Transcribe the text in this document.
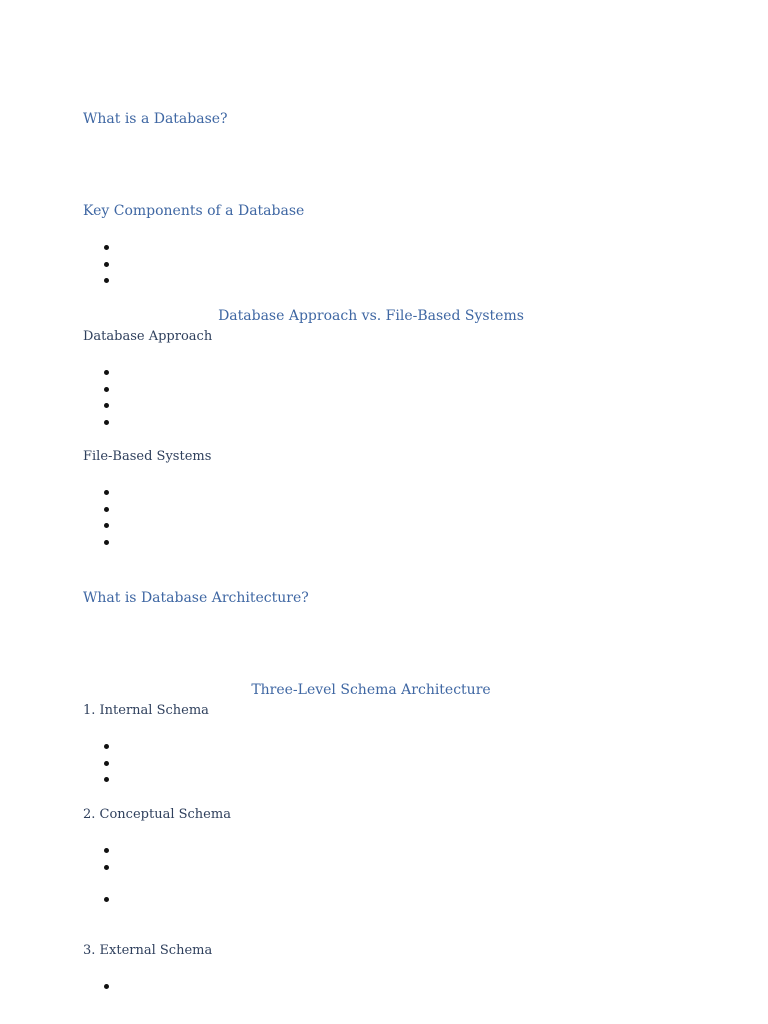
What is a Database?
Key Components of a Database
Database Approach vs. File-Based Systems
Database Approach
File-Based Systems
What is Database Architecture?
Three-Level Schema Architecture
1. Internal Schema
2. Conceptual Schema
3. External Schema
